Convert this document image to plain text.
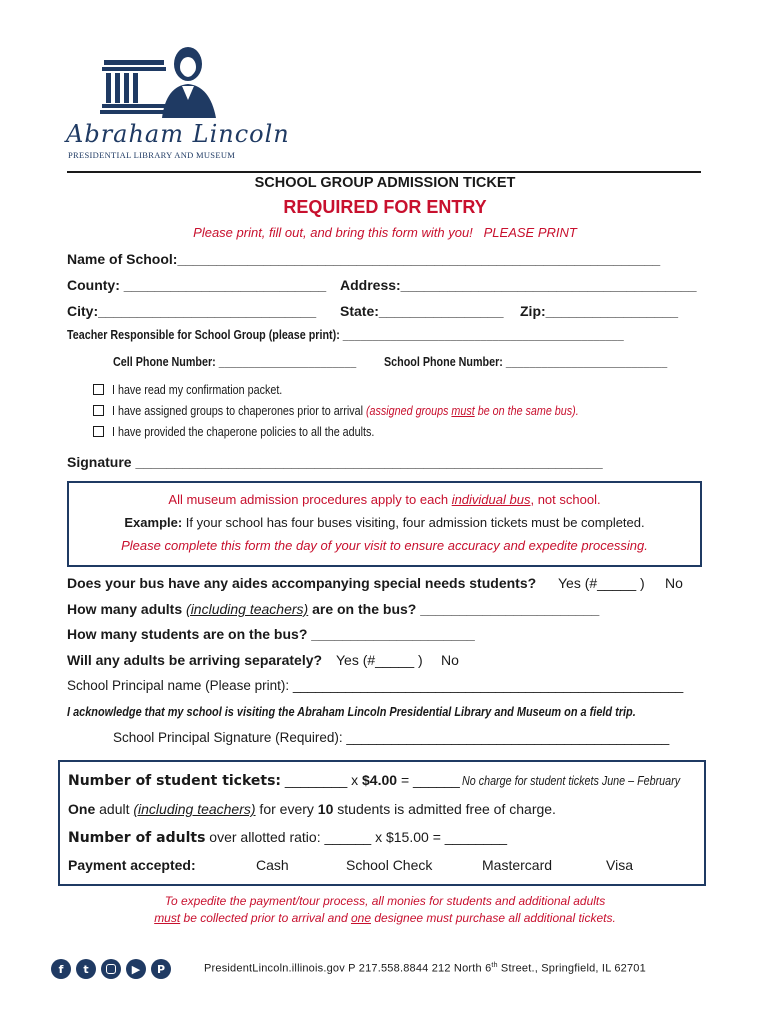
Abraham Lincoln
PRESIDENTIAL LIBRARY AND MUSEUM
SCHOOL GROUP ADMISSION TICKET
REQUIRED FOR ENTRY
Please print, fill out, and bring this form with you!   PLEASE PRINT
Name of School:______________________________________________________________
County: __________________________ Address:______________________________________
City:____________________________ State:________________ Zip:_________________
Teacher Responsible for School Group (please print): _______________________________________________
Cell Phone Number: _______________________ School Phone Number: ___________________________
I have read my confirmation packet.
I have assigned groups to chaperones prior to arrival (assigned groups must be on the same bus).
I have provided the chaperone policies to all the adults.
Signature ____________________________________________________________
All museum admission procedures apply to each individual bus, not school.
Example: If your school has four buses visiting, four admission tickets must be completed.
Please complete this form the day of your visit to ensure accuracy and expedite processing.
Does your bus have any aides accompanying special needs students? Yes (#_____ ) No
How many adults (including teachers) are on the bus? _______________________
How many students are on the bus? _____________________
Will any adults be arriving separately? Yes (#_____ ) No
School Principal name (Please print): ____________________________________________________
I acknowledge that my school is visiting the Abraham Lincoln Presidential Library and Museum on a field trip.
School Principal Signature (Required): ___________________________________________
Number of student tickets: ________ x $4.00 = ______ No charge for student tickets June – February
One adult (including teachers) for every 10 students is admitted free of charge.
Number of adults over allotted ratio: ______ x $15.00 = ________
Payment accepted:	Cash	School Check	Mastercard	Visa
To expedite the payment/tour process, all monies for students and additional adults
must be collected prior to arrival and one designee must purchase all additional tickets.
f	t	▶	P	PresidentLincoln.illinois.gov P 217.558.8844 212 North 6th Street., Springfield, IL 62701
